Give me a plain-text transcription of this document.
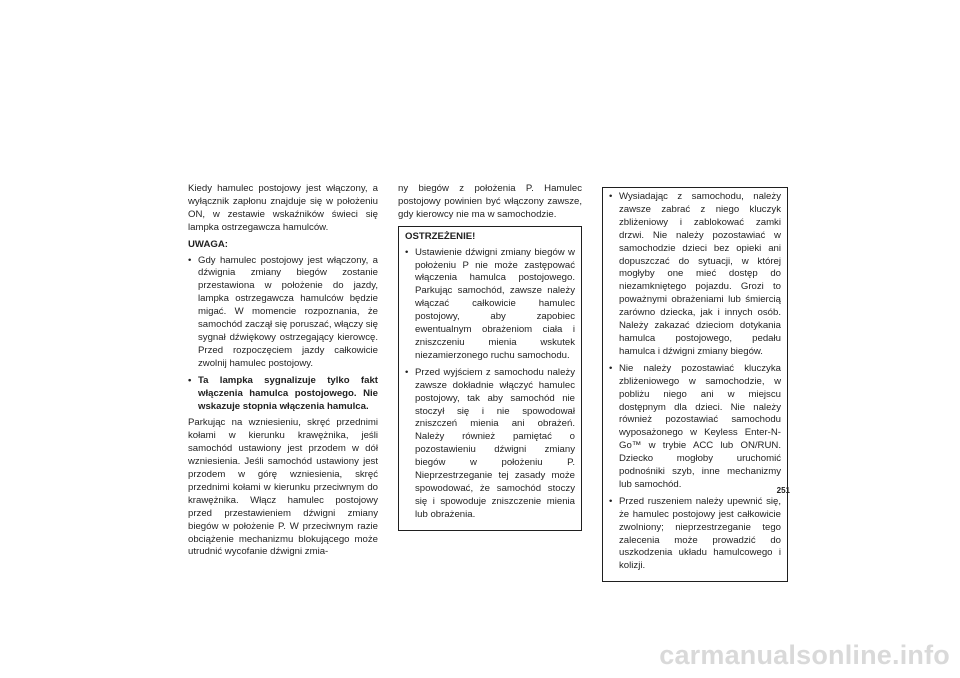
Kiedy hamulec postojowy jest włączony, a wyłącznik zapłonu znajduje się w położeniu ON, w zestawie wskaźników świeci się lampka ostrzegawcza hamulców.

UWAGA:
• Gdy hamulec postojowy jest włączony, a dźwignia zmiany biegów zostanie przestawiona w położenie do jazdy, lampka ostrzegawcza hamulców będzie migać. W momencie rozpoznania, że samochód zaczął się poruszać, włączy się sygnał dźwiękowy ostrzegający kierowcę. Przed rozpoczęciem jazdy całkowicie zwolnij hamulec postojowy.
• Ta lampka sygnalizuje tylko fakt włączenia hamulca postojowego. Nie wskazuje stopnia włączenia hamulca.

Parkując na wzniesieniu, skręć przednimi kołami w kierunku krawężnika, jeśli samochód ustawiony jest przodem w dół wzniesienia. Jeśli samochód ustawiony jest przodem w górę wzniesienia, skręć przednimi kołami w kierunku przeciwnym do krawężnika. Włącz hamulec postojowy przed przestawieniem dźwigni zmiany biegów w położenie P. W przeciwnym razie obciążenie mechanizmu blokującego może utrudnić wycofanie dźwigni zmia-

ny biegów z położenia P. Hamulec postojowy powinien być włączony zawsze, gdy kierowcy nie ma w samochodzie.

OSTRZEŻENIE!
• Ustawienie dźwigni zmiany biegów w położeniu P nie może zastępować włączenia hamulca postojowego. Parkując samochód, zawsze należy włączać całkowicie hamulec postojowy, aby zapobiec ewentualnym obrażeniom ciała i zniszczeniu mienia wskutek niezamierzonego ruchu samochodu.
• Przed wyjściem z samochodu należy zawsze dokładnie włączyć hamulec postojowy, tak aby samochód nie stoczył się i nie spowodował zniszczeń mienia ani obrażeń. Należy również pamiętać o pozostawieniu dźwigni zmiany biegów w położeniu P. Nieprzestrzeganie tej zasady może spowodować, że samochód stoczy się i spowoduje zniszczenie mienia lub obrażenia.
• Wysiadając z samochodu, należy zawsze zabrać z niego kluczyk zbliżeniowy i zablokować zamki drzwi. Nie należy pozostawiać w samochodzie dzieci bez opieki ani dopuszczać do sytuacji, w której mogłyby one mieć dostęp do niezamkniętego pojazdu. Grozi to poważnymi obrażeniami lub śmiercią zarówno dziecka, jak i innych osób. Należy zakazać dzieciom dotykania hamulca postojowego, pedału hamulca i dźwigni zmiany biegów.
• Nie należy pozostawiać kluczyka zbliżeniowego w samochodzie, w pobliżu niego ani w miejscu dostępnym dla dzieci. Nie należy również pozostawiać samochodu wyposażonego w Keyless Enter-N-Go™ w trybie ACC lub ON/RUN. Dziecko mogłoby uruchomić podnośniki szyb, inne mechanizmy lub samochód.
• Przed ruszeniem należy upewnić się, że hamulec postojowy jest całkowicie zwolniony; nieprzestrzeganie tego zalecenia może prowadzić do uszkodzenia układu hamulcowego i kolizji.
251
carmanualsonline.info
